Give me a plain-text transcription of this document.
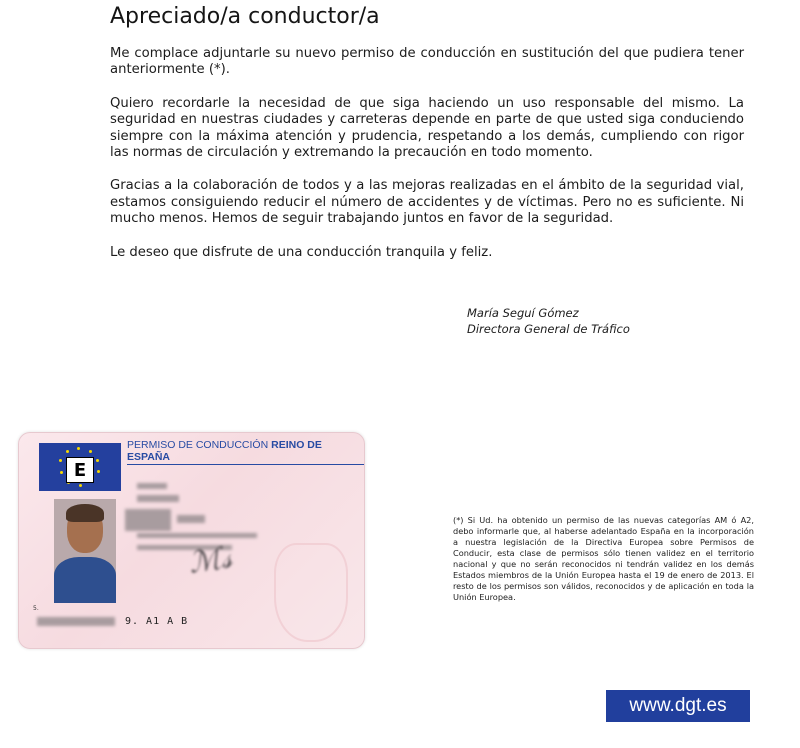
Apreciado/a conductor/a

Me complace adjuntarle su nuevo permiso de conducción en sustitución del que pudiera tener anteriormente (*).

Quiero recordarle la necesidad de que siga haciendo un uso responsable del mismo. La seguridad en nuestras ciudades y carreteras depende en parte de que usted siga conduciendo siempre con la máxima atención y prudencia, respetando a los demás, cumpliendo con rigor las normas de circulación y extremando la precaución en todo momento.

Gracias a la colaboración de todos y a las mejoras realizadas en el ámbito de la seguridad vial, estamos consiguiendo reducir el número de accidentes y de víctimas. Pero no es suficiente. Ni mucho menos. Hemos de seguir trabajando juntos en favor de la seguridad.

Le deseo que disfrute de una conducción tranquila y feliz.

María Seguí Gómez
Directora General de Tráfico
E
PERMISO DE CONDUCCIÓN REINO DE ESPAÑA
ℳ𝓈
5.
9. A1 A B
(*) Si Ud. ha obtenido un permiso de las nuevas categorías AM ó A2, debo informarle que, al haberse adelantado España en la incorporación a nuestra legislación de la Directiva Europea sobre Permisos de Conducir, esta clase de permisos sólo tienen validez en el territorio nacional y que no serán reconocidos ni tendrán validez en los demás Estados miembros de la Unión Europea hasta el 19 de enero de 2013. El resto de los permisos son válidos, reconocidos y de aplicación en toda la Unión Europea.
www.dgt.es
